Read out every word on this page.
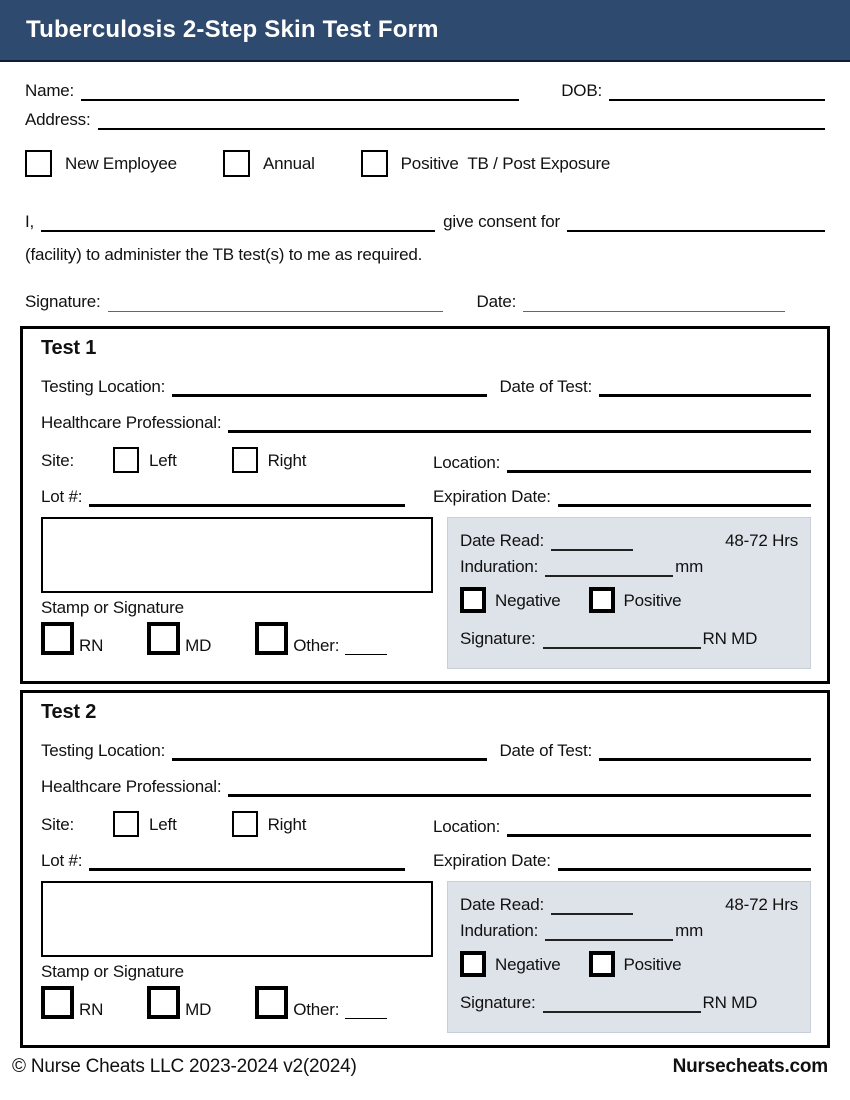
Tuberculosis 2-Step Skin Test Form
Name:	DOB:
Address:
New Employee	Annual	Positive  TB / Post Exposure
I,	give consent for
(facility) to administer the TB test(s) to me as required.
Signature:	Date:
Test 1
Testing Location:	Date of Test:
Healthcare Professional:
Site:	Left	Right	Location:
Lot #:	Expiration Date:
Stamp or Signature
RN	MD	Other:
Date Read:	48-72 Hrs
Induration:	mm
Negative	Positive
Signature:	RN MD
Test 2
Testing Location:	Date of Test:
Healthcare Professional:
Site:	Left	Right	Location:
Lot #:	Expiration Date:
Stamp or Signature
RN	MD	Other:
Date Read:	48-72 Hrs
Induration:	mm
Negative	Positive
Signature:	RN MD
© Nurse Cheats LLC 2023-2024 v2(2024)	Nursecheats.com
